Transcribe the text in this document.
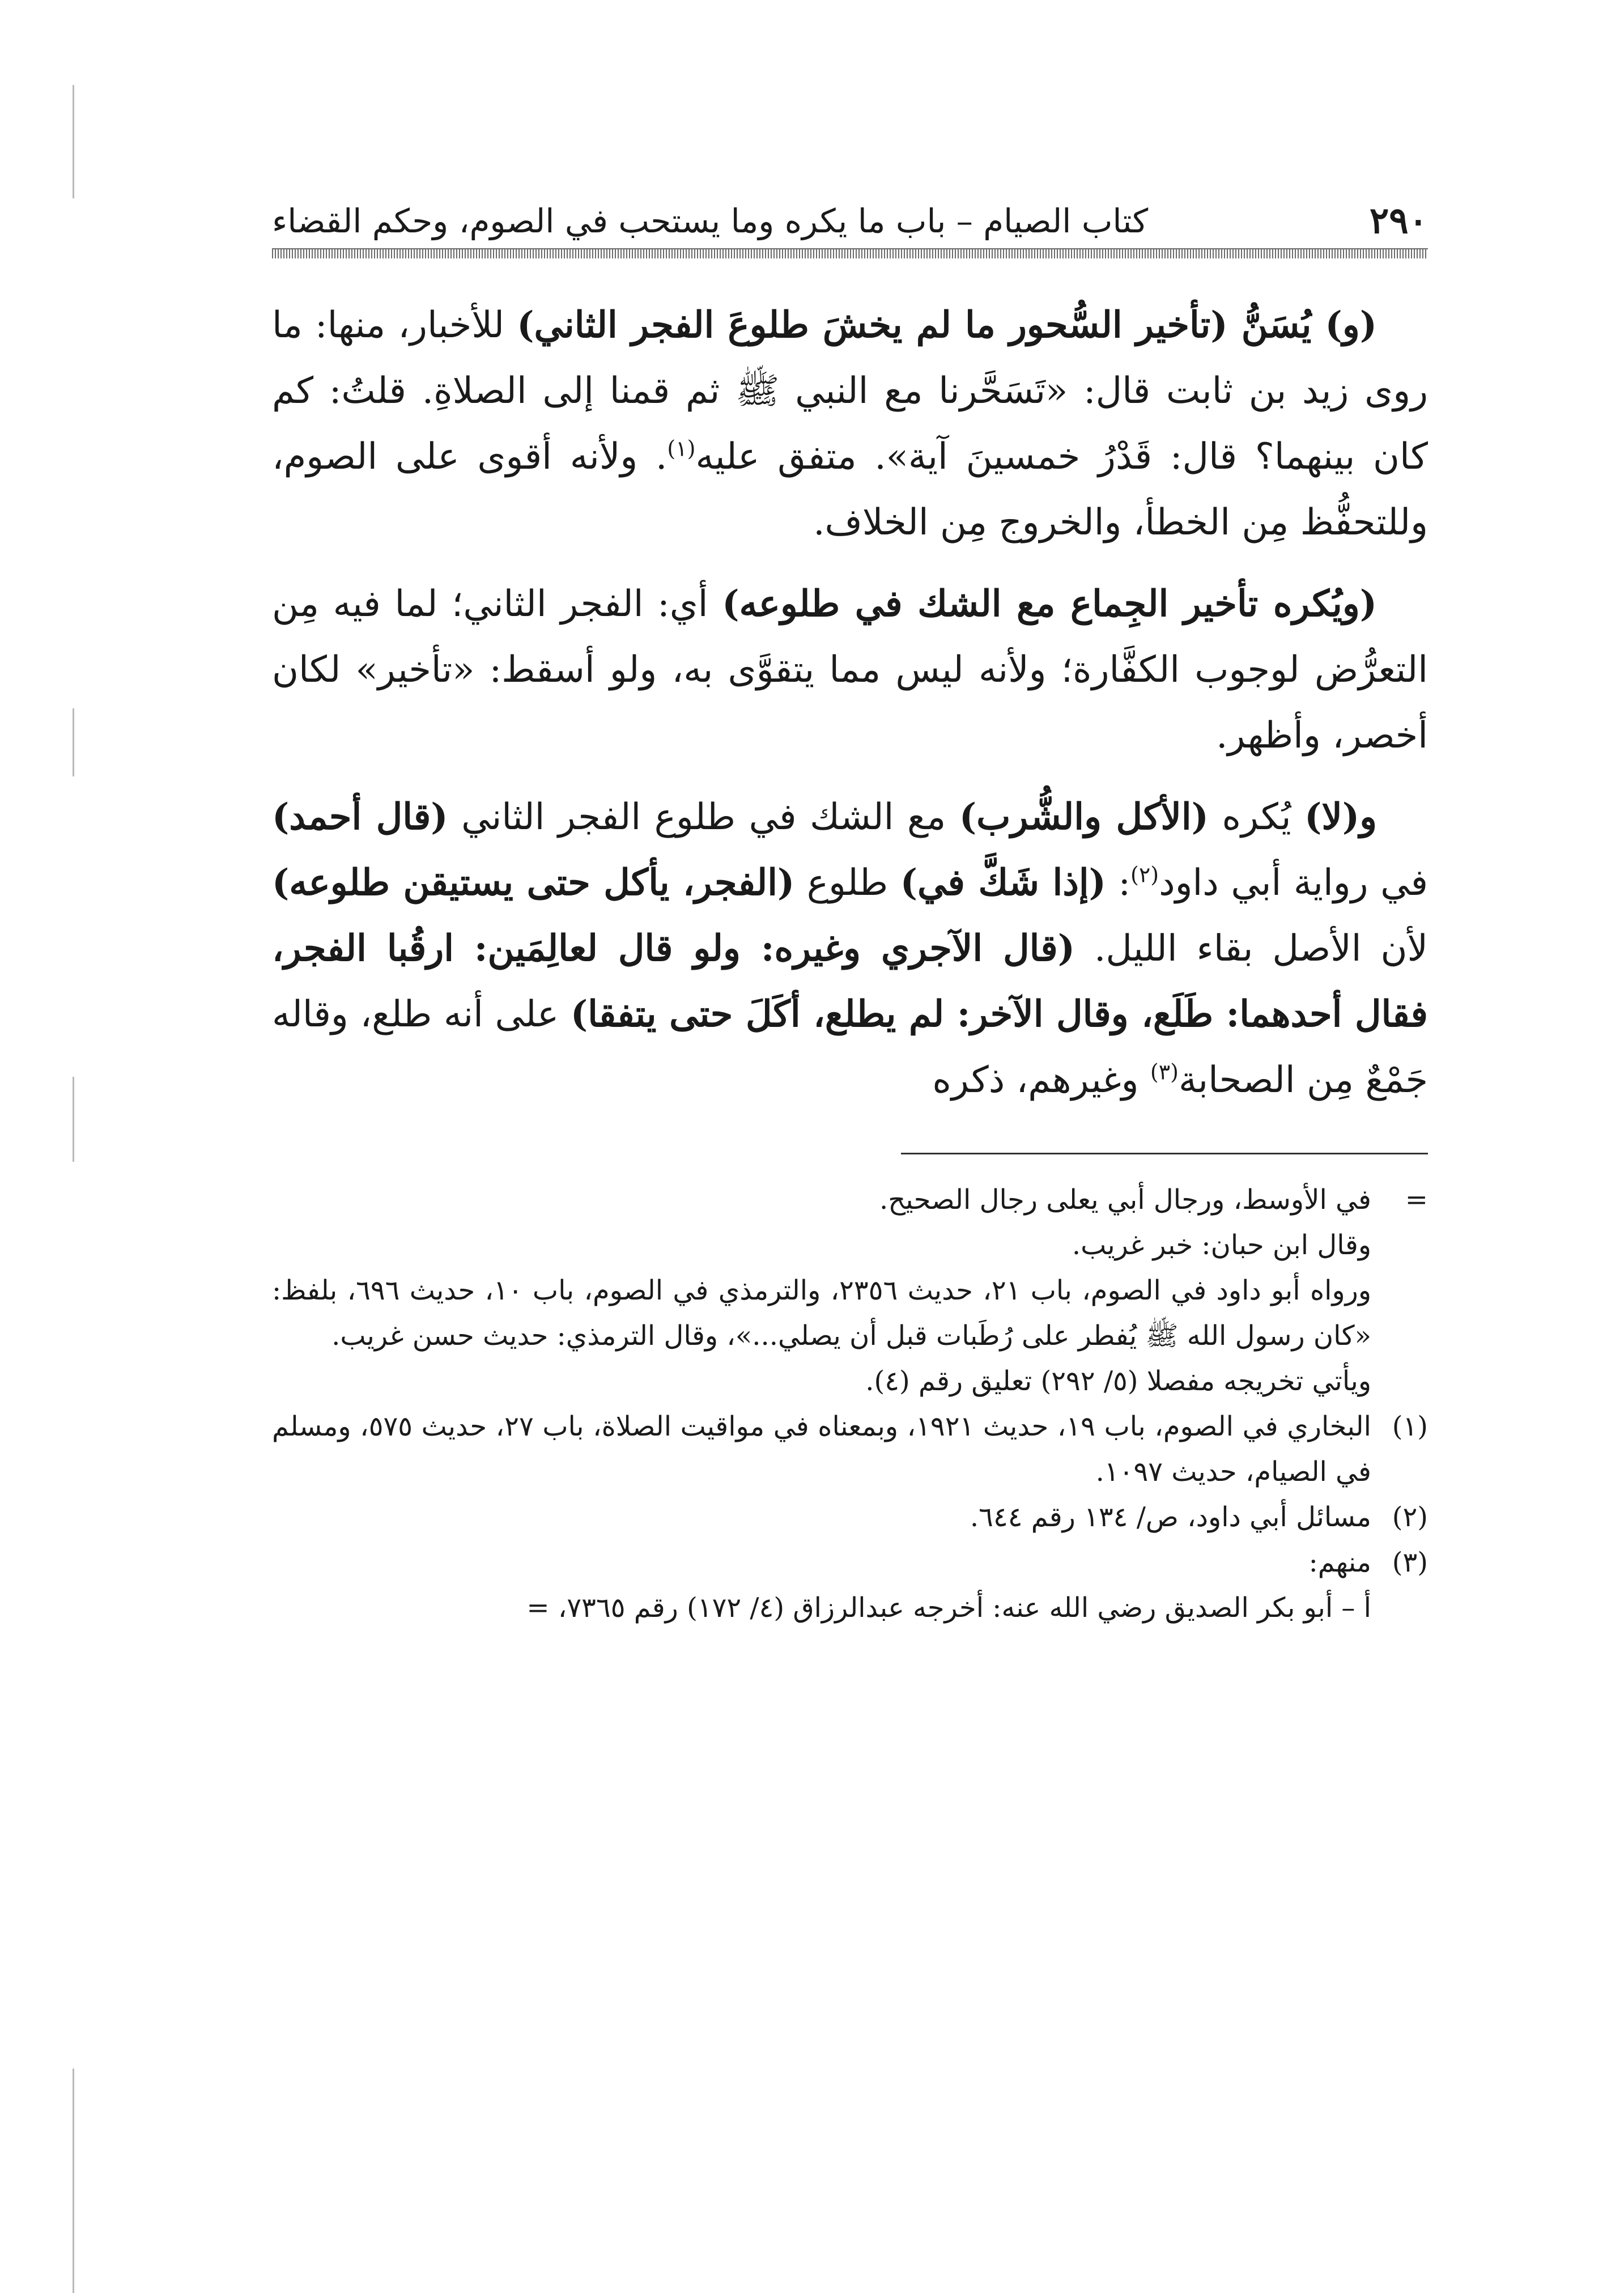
٢٩٠
كتاب الصيام – باب ما يكره وما يستحب في الصوم، وحكم القضاء

(و) يُسَنُّ (تأخير السُّحور ما لم يخشَ طلوعَ الفجر الثاني) للأخبار، منها: ما روى زيد بن ثابت قال: «تَسَحَّرنا مع النبي ﷺ ثم قمنا إلى الصلاةِ. قلتُ: كم كان بينهما؟ قال: قَدْرُ خمسينَ آية». متفق عليه$^{(١)}$. ولأنه أقوى على الصوم، وللتحفُّظ مِن الخطأ، والخروج مِن الخلاف.

(ويُكره تأخير الجِماع مع الشك في طلوعه) أي: الفجر الثاني؛ لما فيه مِن التعرُّض لوجوب الكفَّارة؛ ولأنه ليس مما يتقوَّى به، ولو أسقط: «تأخير» لكان أخصر، وأظهر.

و(لا) يُكره (الأكل والشُّرب) مع الشك في طلوع الفجر الثاني (قال أحمد) في رواية أبي داود$^{(٢)}$: (إذا شَكَّ في) طلوع (الفجر، يأكل حتى يستيقن طلوعه) لأن الأصل بقاء الليل. (قال الآجري وغيره: ولو قال لعالِمَين: ارقُبا الفجر، فقال أحدهما: طَلَع، وقال الآخر: لم يطلع، أكَلَ حتى يتفقا) على أنه طلع، وقاله جَمْعٌ مِن الصحابة$^{(٣)}$ وغيرهم، ذكره

=
في الأوسط، ورجال أبي يعلى رجال الصحيح.
وقال ابن حبان: خبر غريب.
ورواه أبو داود في الصوم، باب ٢١، حديث ٢٣٥٦، والترمذي في الصوم، باب ١٠، حديث ٦٩٦، بلفظ: «كان رسول الله ﷺ يُفطر على رُطَبات قبل أن يصلي...»، وقال الترمذي: حديث حسن غريب.
ويأتي تخريجه مفصلا (٥/ ٢٩٢) تعليق رقم (٤).
(١)
البخاري في الصوم، باب ١٩، حديث ١٩٢١، وبمعناه في مواقيت الصلاة، باب ٢٧، حديث ٥٧٥، ومسلم في الصيام، حديث ١٠٩٧.
(٢)
مسائل أبي داود، ص/ ١٣٤ رقم ٦٤٤.
(٣)
منهم:
أ – أبو بكر الصديق رضي الله عنه: أخرجه عبدالرزاق (٤/ ١٧٢) رقم ٧٣٦٥، =
